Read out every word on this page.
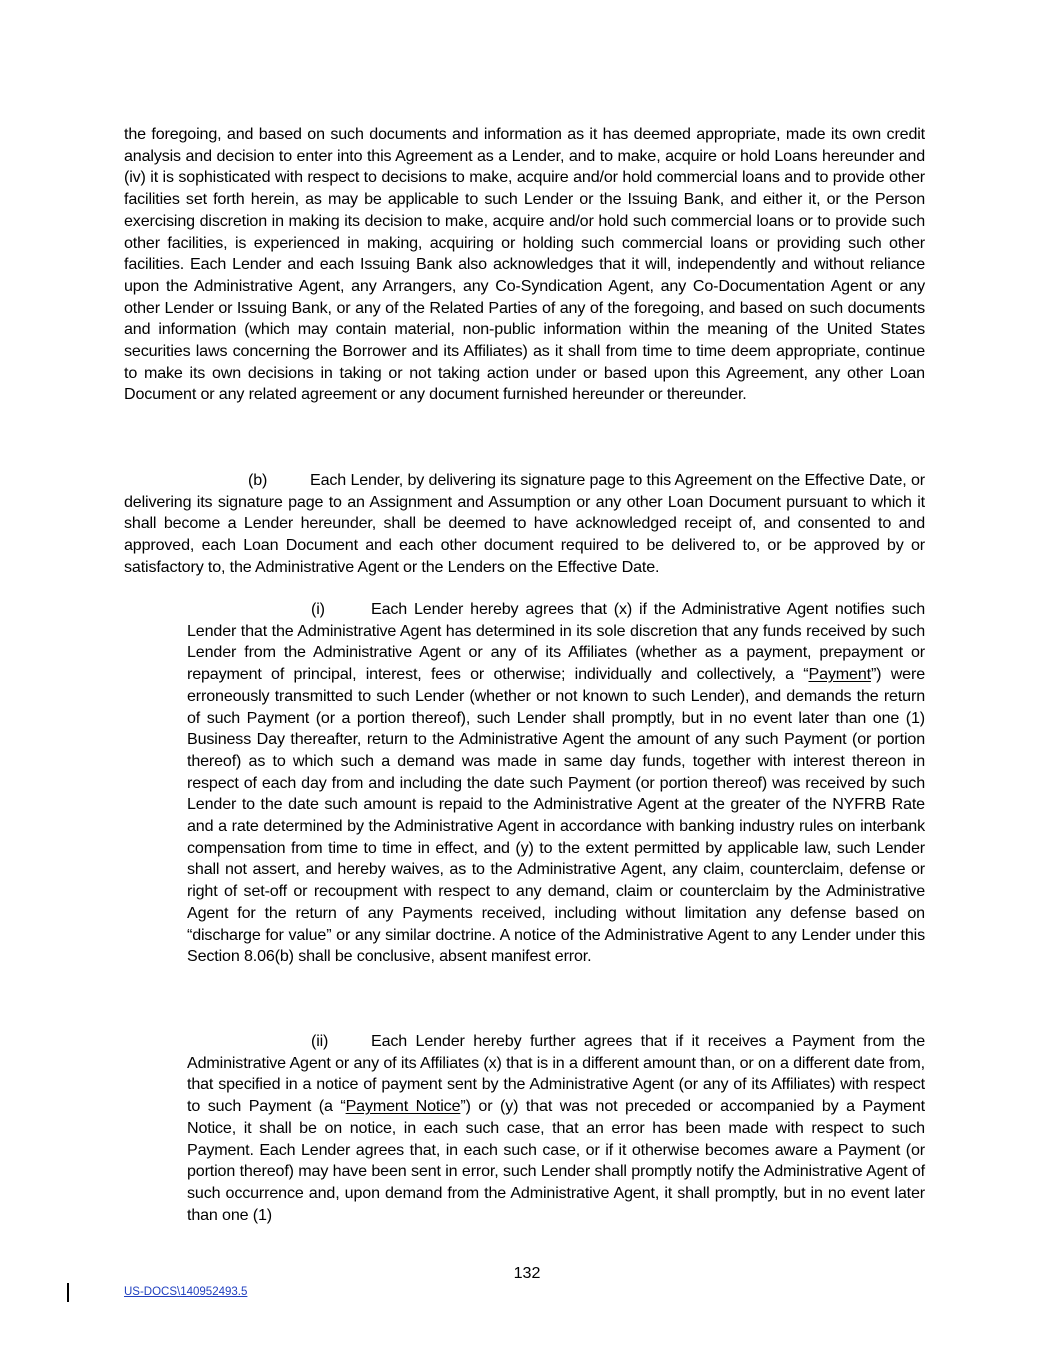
the foregoing, and based on such documents and information as it has deemed appropriate, made its own credit analysis and decision to enter into this Agreement as a Lender, and to make, acquire or hold Loans hereunder and (iv) it is sophisticated with respect to decisions to make, acquire and/or hold commercial loans and to provide other facilities set forth herein, as may be applicable to such Lender or the Issuing Bank, and either it, or the Person exercising discretion in making its decision to make, acquire and/or hold such commercial loans or to provide such other facilities, is experienced in making, acquiring or holding such commercial loans or providing such other facilities. Each Lender and each Issuing Bank also acknowledges that it will, independently and without reliance upon the Administrative Agent, any Arrangers, any Co-Syndication Agent, any Co-Documentation Agent or any other Lender or Issuing Bank, or any of the Related Parties of any of the foregoing, and based on such documents and information (which may contain material, non-public information within the meaning of the United States securities laws concerning the Borrower and its Affiliates) as it shall from time to time deem appropriate, continue to make its own decisions in taking or not taking action under or based upon this Agreement, any other Loan Document or any related agreement or any document furnished hereunder or thereunder.

(b)	Each Lender, by delivering its signature page to this Agreement on the Effective Date, or delivering its signature page to an Assignment and Assumption or any other Loan Document pursuant to which it shall become a Lender hereunder, shall be deemed to have acknowledged receipt of, and consented to and approved, each Loan Document and each other document required to be delivered to, or be approved by or satisfactory to, the Administrative Agent or the Lenders on the Effective Date.

(i)	Each Lender hereby agrees that (x) if the Administrative Agent notifies such Lender that the Administrative Agent has determined in its sole discretion that any funds received by such Lender from the Administrative Agent or any of its Affiliates (whether as a payment, prepayment or repayment of principal, interest, fees or otherwise; individually and collectively, a “Payment”) were erroneously transmitted to such Lender (whether or not known to such Lender), and demands the return of such Payment (or a portion thereof), such Lender shall promptly, but in no event later than one (1) Business Day thereafter, return to the Administrative Agent the amount of any such Payment (or portion thereof) as to which such a demand was made in same day funds, together with interest thereon in respect of each day from and including the date such Payment (or portion thereof) was received by such Lender to the date such amount is repaid to the Administrative Agent at the greater of the NYFRB Rate and a rate determined by the Administrative Agent in accordance with banking industry rules on interbank compensation from time to time in effect, and (y) to the extent permitted by applicable law, such Lender shall not assert, and hereby waives, as to the Administrative Agent, any claim, counterclaim, defense or right of set-off or recoupment with respect to any demand, claim or counterclaim by the Administrative Agent for the return of any Payments received, including without limitation any defense based on “discharge for value” or any similar doctrine. A notice of the Administrative Agent to any Lender under this Section 8.06(b) shall be conclusive, absent manifest error.

(ii)	Each Lender hereby further agrees that if it receives a Payment from the Administrative Agent or any of its Affiliates (x) that is in a different amount than, or on a different date from, that specified in a notice of payment sent by the Administrative Agent (or any of its Affiliates) with respect to such Payment (a “Payment Notice”) or (y) that was not preceded or accompanied by a Payment Notice, it shall be on notice, in each such case, that an error has been made with respect to such Payment. Each Lender agrees that, in each such case, or if it otherwise becomes aware a Payment (or portion thereof) may have been sent in error, such Lender shall promptly notify the Administrative Agent of such occurrence and, upon demand from the Administrative Agent, it shall promptly, but in no event later than one (1)

132
US-DOCS\140952493.5
